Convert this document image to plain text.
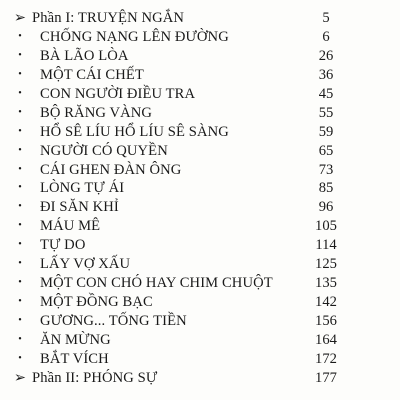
➢ Phần I: TRUYỆN NGẮN	5
• CHỐNG NẠNG LÊN ĐƯỜNG	6
• BÀ LÃO LÒA	26
• MỘT CÁI CHẾT	36
• CON NGƯỜI ĐIỀU TRA	45
• BỘ RĂNG VÀNG	55
• HỔ SÊ LÍU HỔ LÍU SÊ SÀNG	59
• NGƯỜI CÓ QUYỀN	65
• CÁI GHEN ĐÀN ÔNG	73
• LÒNG TỰ ÁI	85
• ĐI SĂN KHỈ	96
• MÁU MÊ	105
• TỰ DO	114
• LẤY VỢ XẤU	125
• MỘT CON CHÓ HAY CHIM CHUỘT	135
• MỘT ĐỒNG BẠC	142
• GƯƠNG... TỐNG TIỀN	156
• ĂN MỪNG	164
• BẮT VÍCH	172
➢ Phần II: PHÓNG SỰ	177
